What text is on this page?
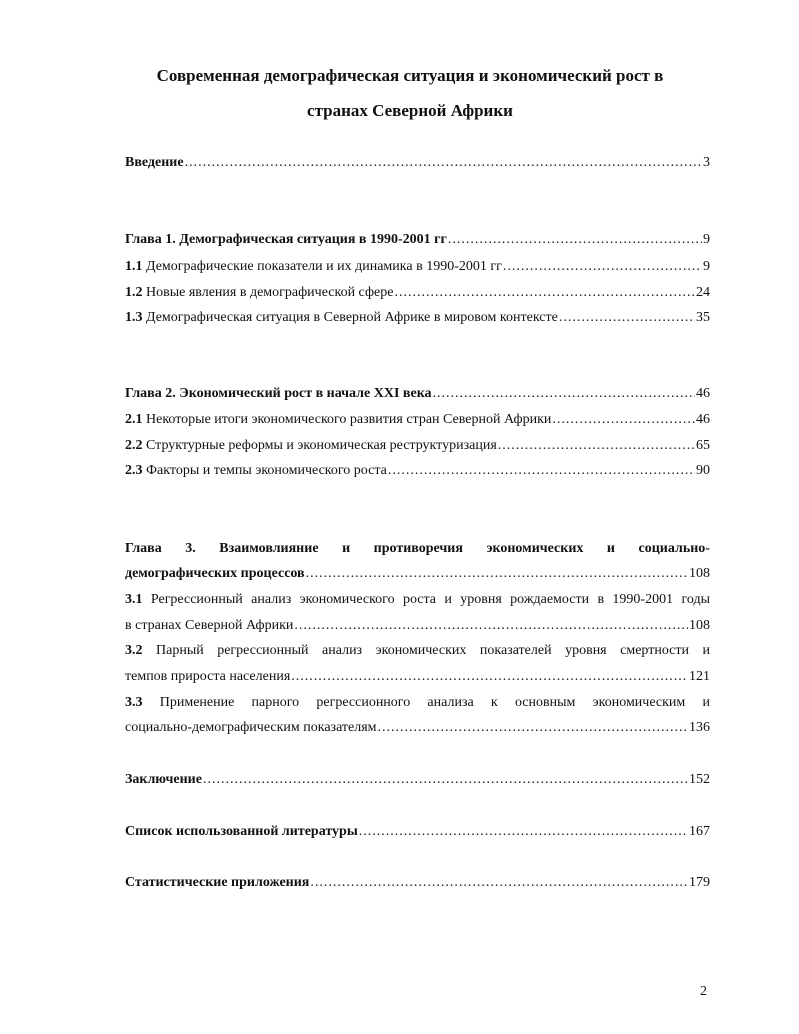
Современная демографическая ситуация и экономический рост в
странах Северной Африки
Введение .....	3
Глава 1. Демографическая ситуация в 1990-2001 гг .....	9
1.1 Демографические показатели и их динамика в 1990-2001 гг .....	9
1.2 Новые явления в демографической сфере .....	24
1.3 Демографическая ситуация в Северной Африке в мировом контексте .....	35
Глава 2. Экономический рост в начале XXI века .....	46
2.1 Некоторые итоги экономического развития стран Северной Африки .....	46
2.2 Структурные реформы и экономическая реструктуризация .....	65
2.3 Факторы и темпы экономического роста .....	90
Глава 3. Взаимовлияние и противоречия экономических и социально-
демографических процессов .....	108
3.1 Регрессионный анализ экономического роста и уровня рождаемости в 1990-2001 годы
в странах Северной Африки .....	108
3.2 Парный регрессионный анализ экономических показателей уровня смертности и
темпов прироста населения .....	121
3.3 Применение парного регрессионного анализа к основным экономическим и
социально-демографическим показателям .....	136
Заключение .....	152
Список использованной литературы .....	167
Статистические приложения .....	179
2
